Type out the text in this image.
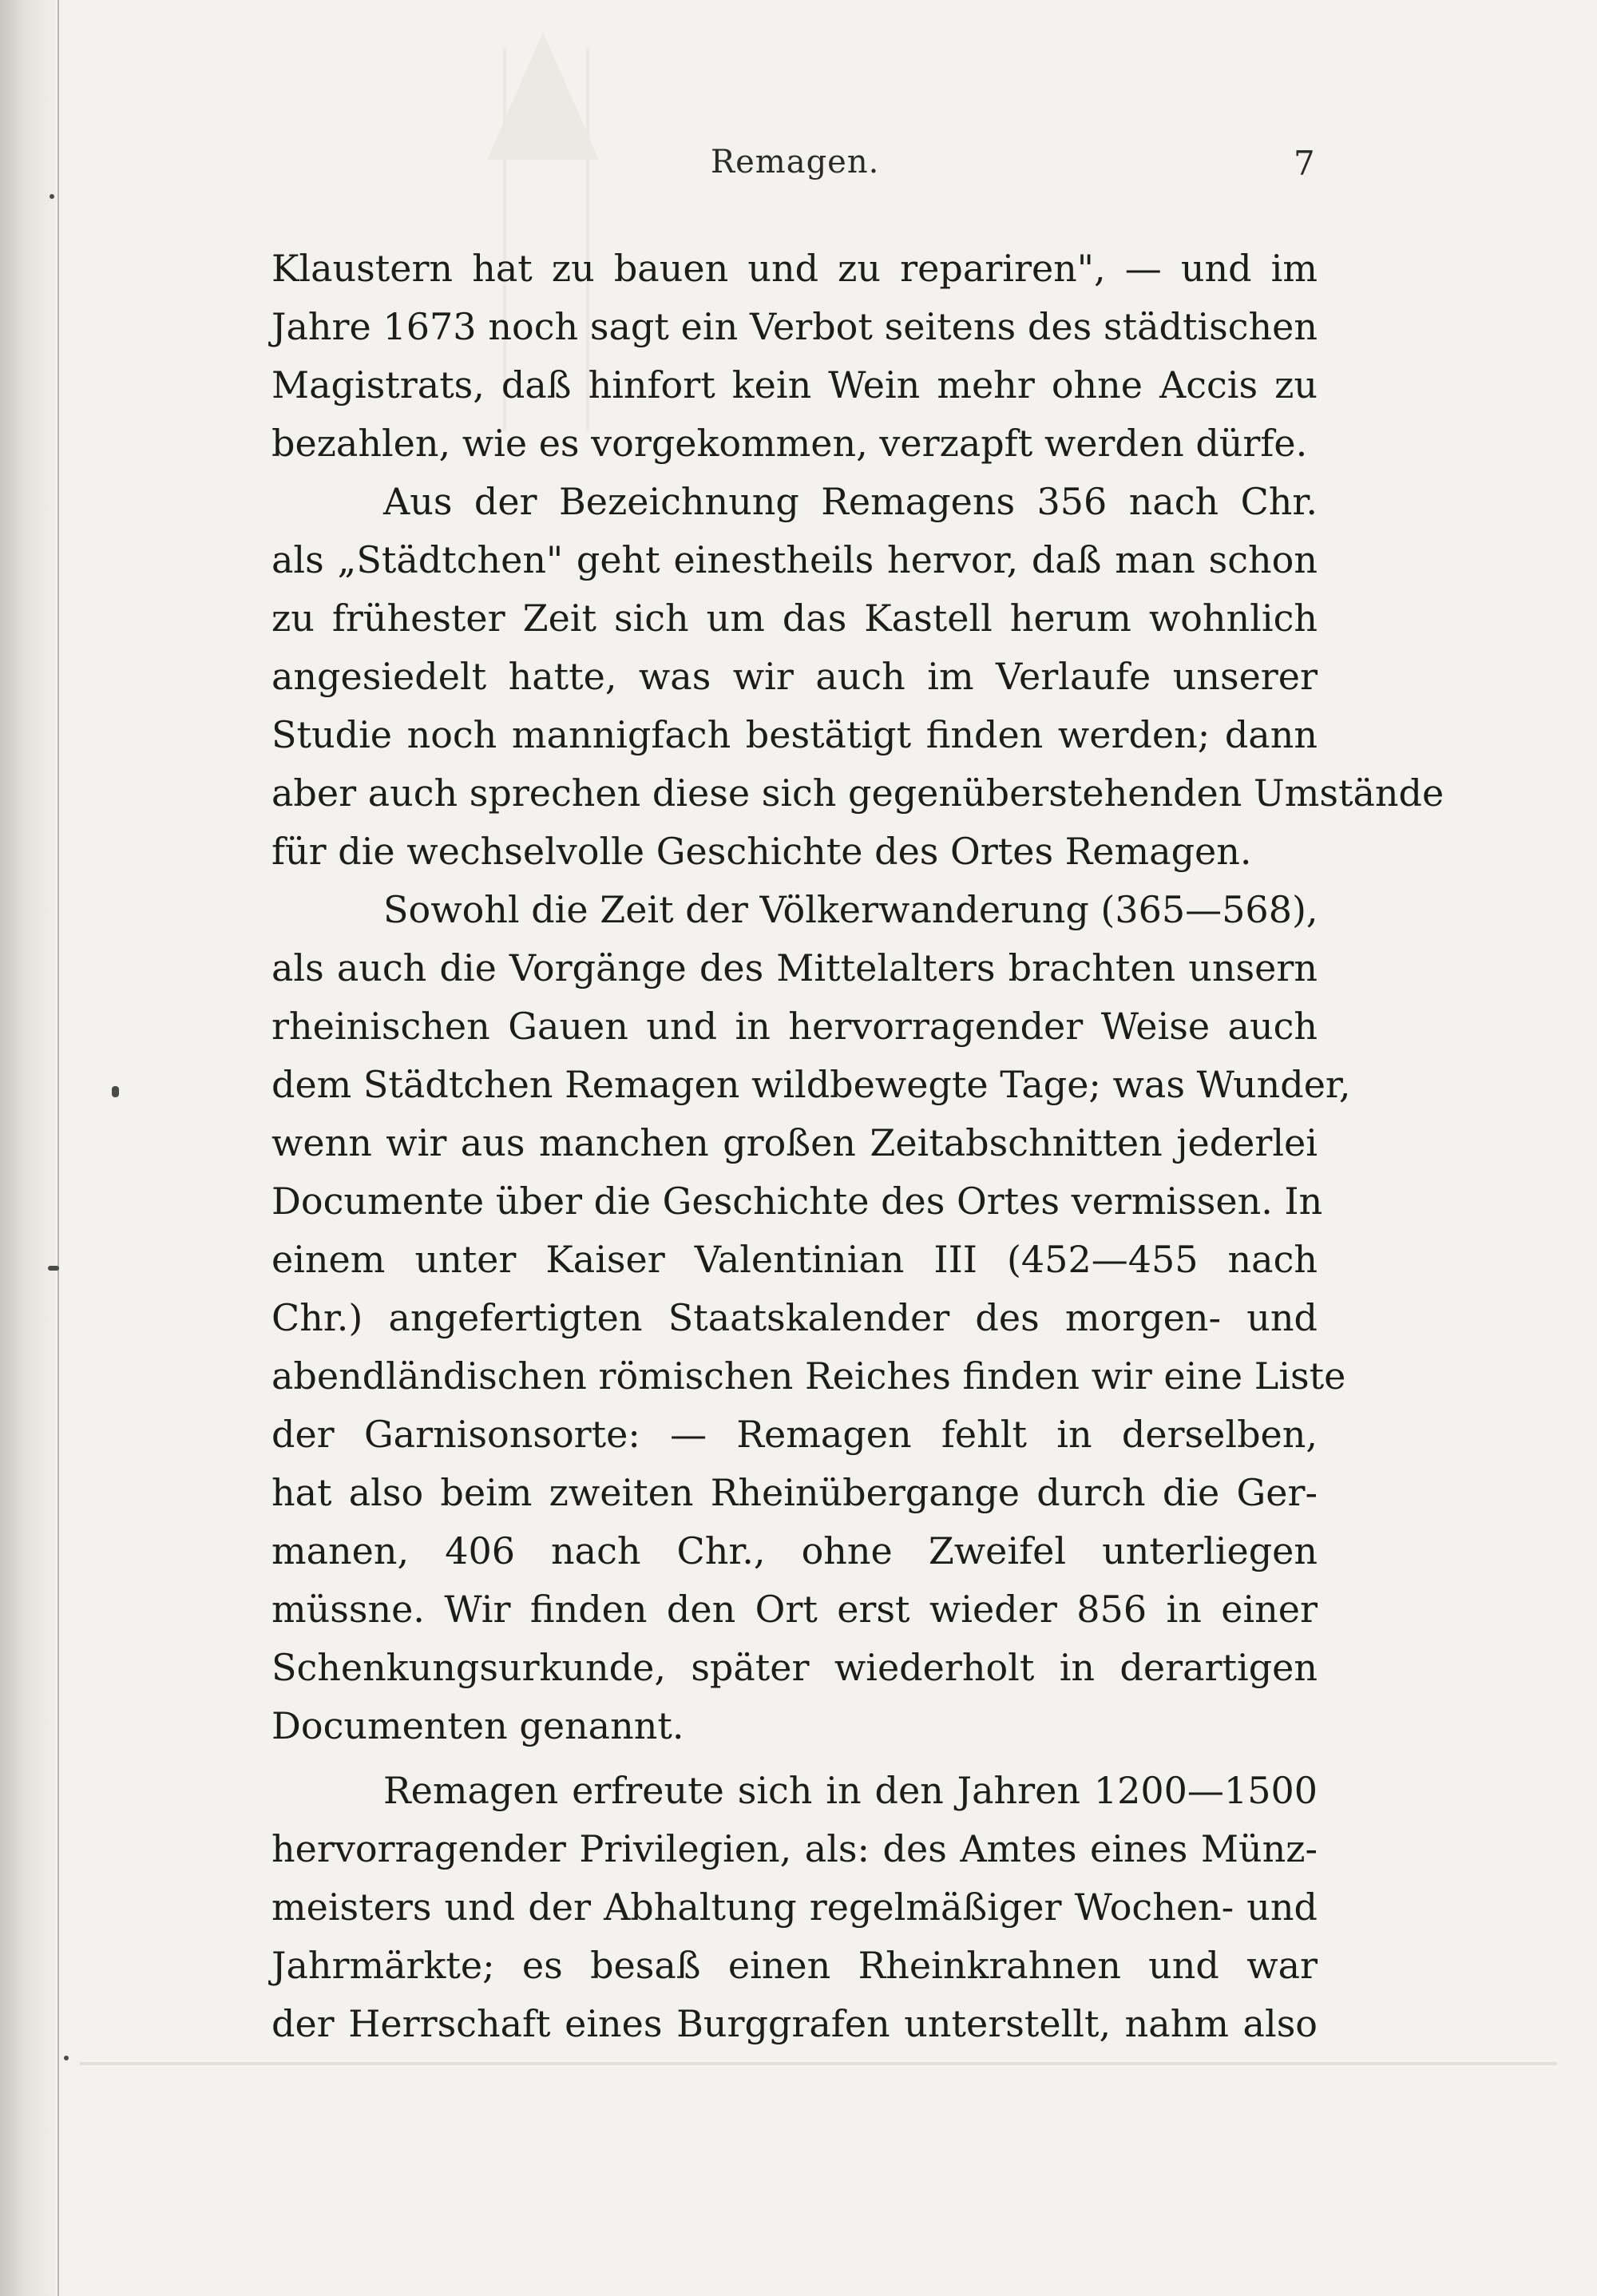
Remagen.	7

Klaustern hat zu bauen und zu repariren", — und im
Jahre 1673 noch sagt ein Verbot seitens des städtischen
Magistrats, daß hinfort kein Wein mehr ohne Accis zu
bezahlen, wie es vorgekommen, verzapft werden dürfe.

Aus der Bezeichnung Remagens 356 nach Chr.
als „Städtchen" geht einestheils hervor, daß man schon
zu frühester Zeit sich um das Kastell herum wohnlich
angesiedelt hatte, was wir auch im Verlaufe unserer
Studie noch mannigfach bestätigt finden werden; dann
aber auch sprechen diese sich gegenüberstehenden Umstände
für die wechselvolle Geschichte des Ortes Remagen.

Sowohl die Zeit der Völkerwanderung (365—568),
als auch die Vorgänge des Mittelalters brachten unsern
rheinischen Gauen und in hervorragender Weise auch
dem Städtchen Remagen wildbewegte Tage; was Wunder,
wenn wir aus manchen großen Zeitabschnitten jederlei
Documente über die Geschichte des Ortes vermissen. In
einem unter Kaiser Valentinian III (452—455 nach
Chr.) angefertigten Staatskalender des morgen- und
abendländischen römischen Reiches finden wir eine Liste
der Garnisonsorte: — Remagen fehlt in derselben,
hat also beim zweiten Rheinübergange durch die Ger-
manen, 406 nach Chr., ohne Zweifel unterliegen
müssne. Wir finden den Ort erst wieder 856 in einer
Schenkungsurkunde, später wiederholt in derartigen
Documenten genannt.

Remagen erfreute sich in den Jahren 1200—1500
hervorragender Privilegien, als: des Amtes eines Münz-
meisters und der Abhaltung regelmäßiger Wochen- und
Jahrmärkte; es besaß einen Rheinkrahnen und war
der Herrschaft eines Burggrafen unterstellt, nahm also
